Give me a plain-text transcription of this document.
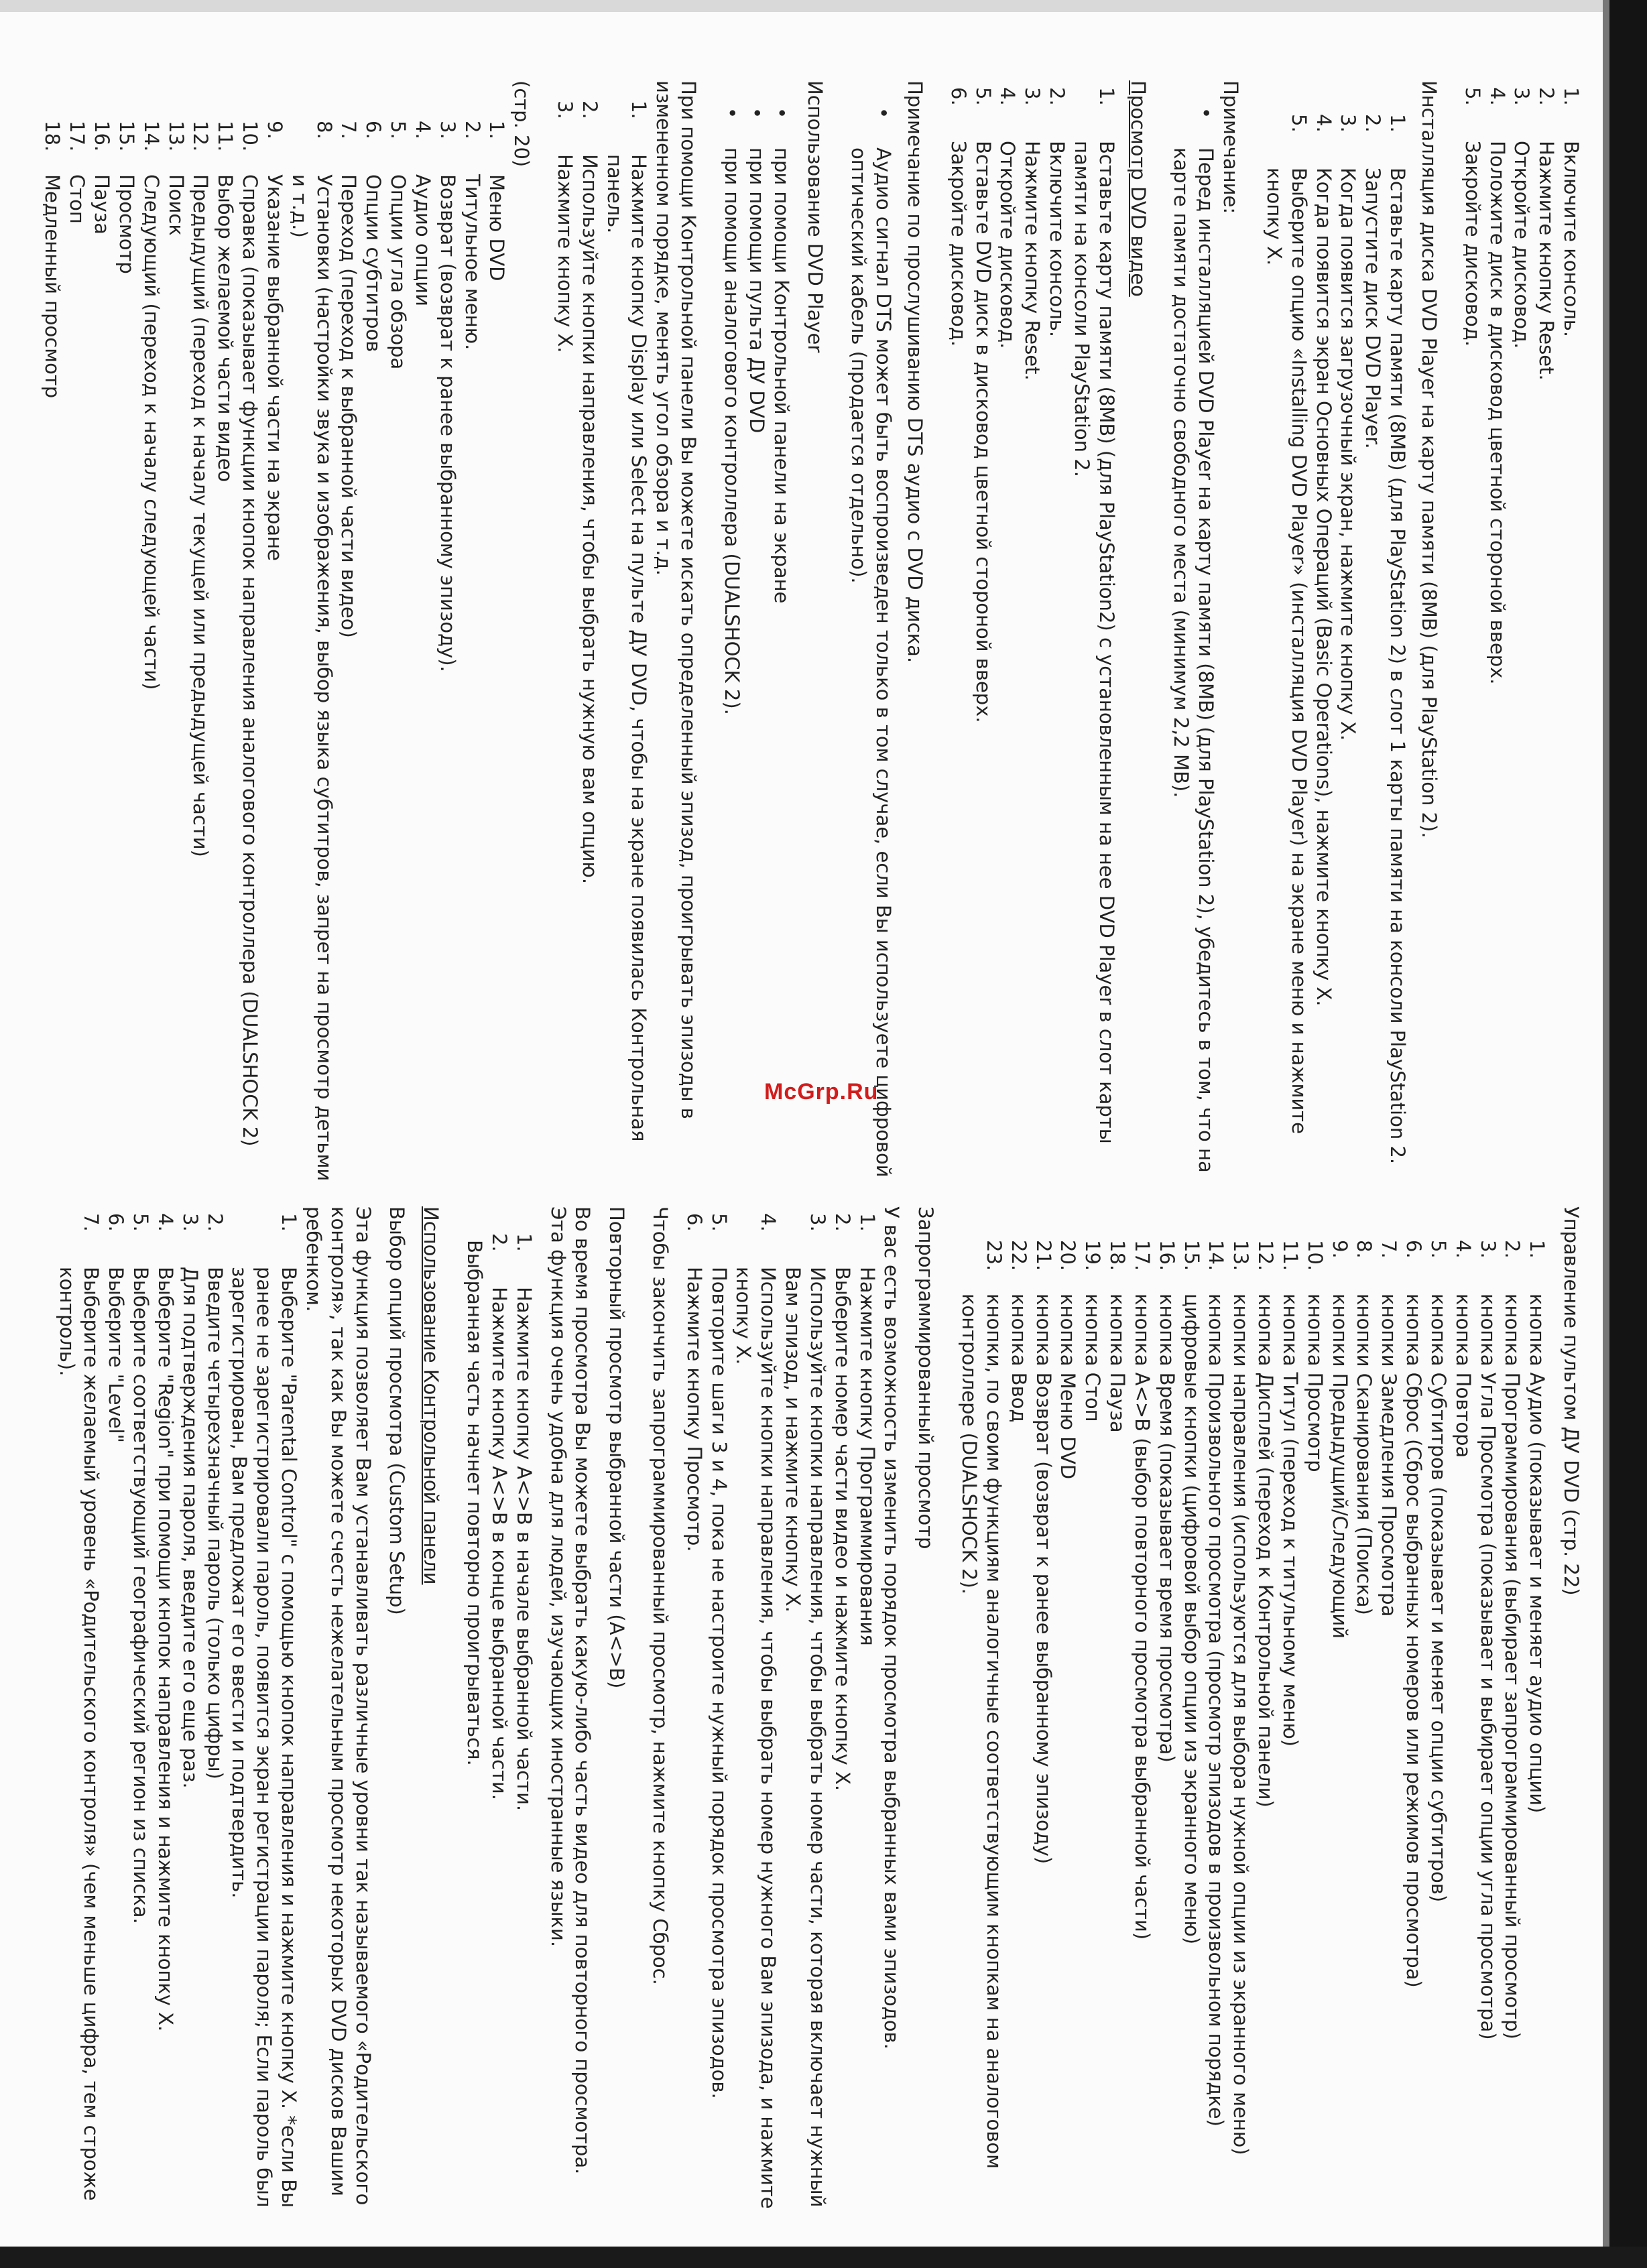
1.
Включите консоль.
2.
Нажмите кнопку Reset.
3.
Откройте дисковод.
4.
Положите диск в дисковод цветной стороной вверх.
5.
Закройте дисковод.
Инсталляция диска DVD Player на карту памяти (8МВ) (для PlayStation 2).
1.
Вставьте карту памяти (8МВ) (для PlayStation 2) в слот 1 карты памяти на консоли PlayStation 2.
2.
Запустите диск DVD Player.
3.
Когда появится загрузочный экран, нажмите кнопку X.
4.
Когда появится экран Основных Операций (Basic Operations), нажмите кнопку X.
5.
Выберите опцию «Installing DVD Player» (инсталляция DVD Player) на экране меню и нажмите кнопку X.
Примечание:
• Перед инсталляцией DVD Player на карту памяти (8МВ) (для PlayStation 2), убедитесь в том, что на карте памяти достаточно свободного места (минимум 2,2 МВ).
Просмотр DVD видео
1.
Вставьте карту памяти (8МВ) (для PlayStation2) с установленным на нее DVD Player в слот карты памяти на консоли PlayStation 2.
2.
Включите консоль.
3.
Нажмите кнопку Reset.
4.
Откройте дисковод.
5.
Вставьте DVD диск в дисковод цветной стороной вверх.
6.
Закройте дисковод.
Примечание по прослушиванию DTS аудио с DVD диска.
• Аудио сигнал DTS может быть воспроизведен только в том случае, если Вы используете цифровой оптический кабель (продается отдельно).
Использование DVD Player
• при помощи Контрольной панели на экране
• при помощи пульта ДУ DVD
• при помощи аналогового контроллера (DUALSHOCK 2).
При помощи Контрольной панели Вы можете искать определенный эпизод, проигрывать эпизоды в измененном порядке, менять угол обзора и т.д.
1.
Нажмите кнопку Display или Select на пульте ДУ DVD, чтобы на экране появилась Контрольная панель.
2.
Используйте кнопки направления, чтобы выбрать нужную вам опцию.
3.
Нажмите кнопку X.
(стр. 20)
1.
Меню DVD
2.
Титульное меню.
3.
Возврат (возврат к ранее выбранному эпизоду).
4.
Аудио опции
5.
Опции угла обзора
6.
Опции субтитров
7.
Переход (переход к выбранной части видео)
8.
Установки (настройки звука и изображения, выбор языка субтитров, запрет на просмотр детьми и т.д.)
9.
Указание выбранной части на экране
10.
Справка (показывает функции кнопок направления аналогового контроллера (DUALSHOCK 2)
11.
Выбор желаемой части видео
12.
Предыдущий (переход к началу текущей или предыдущей части)
13.
Поиск
14.
Следующий (переход к началу следующей части)
15.
Просмотр
16.
Пауза
17.
Стоп
18.
Медленный просмотр
Управление пультом ДУ DVD (стр. 22)
1.
кнопка Аудио (показывает и меняет аудио опции)
2.
кнопка Программирования (выбирает запрограммированный просмотр)
3.
кнопка Угла Просмотра (показывает и выбирает опции угла просмотра)
4.
кнопка Повтора
5.
кнопка Субтитров (показывает и меняет опции субтитров)
6.
кнопка Сброс (Сброс выбранных номеров или режимов просмотра)
7.
кнопки Замедления Просмотра
8.
кнопки Сканирования (Поиска)
9.
кнопки Предыдущий/Следующий
10.
кнопка Просмотр
11.
кнопка Титул (переход к титульному меню)
12.
кнопка Дисплей (переход к Контрольной панели)
13.
кнопки направления (используются для выбора нужной опции из экранного меню)
14.
кнопка Произвольного просмотра (просмотр эпизодов в произвольном порядке)
15.
цифровые кнопки (цифровой выбор опции из экранного меню)
16.
кнопка Время (показывает время просмотра)
17.
кнопка A<>B (выбор повторного просмотра выбранной части)
18.
кнопка Пауза
19.
кнопка Стоп
20.
кнопка Меню DVD
21.
кнопка Возврат (возврат к ранее выбранному эпизоду)
22.
кнопка Ввод
23.
кнопки, по своим функциям аналогичные соответствующим кнопкам на аналоговом контроллере (DUALSHOCK 2).
Запрограммированный просмотр
У вас есть возможность изменить порядок просмотра выбранных вами эпизодов.
1.
Нажмите кнопку Программирования
2.
Выберите номер части видео и нажмите кнопку X.
3.
Используйте кнопки направления, чтобы выбрать номер части, которая включает нужный Вам эпизод, и нажмите кнопку X.
4.
Используйте кнопки направления, чтобы выбрать номер нужного Вам эпизода, и нажмите кнопку X.
5.
Повторите шаги 3 и 4, пока не настроите нужный порядок просмотра эпизодов.
6.
Нажмите кнопку Просмотр.
Чтобы закончить запрограммированный просмотр, нажмите кнопку Сброс.
Повторный просмотр выбранной части (A<>B)
Во время просмотра Вы можете выбрать какую-либо часть видео для повторного просмотра. Эта функция очень удобна для людей, изучающих иностранные языки.
1.
Нажмите кнопку A<>B в начале выбранной части.
2.
Нажмите кнопку A<>B в конце выбранной части.
Выбранная часть начнет повторно проигрываться.
Использование Контрольной панели
Выбор опций просмотра (Custom Setup)
Эта функция позволяет Вам устанавливать различные уровни так называемого «Родительского контроля», так как Вы можете счесть нежелательным просмотр некоторых DVD дисков Вашим ребенком.
1.
Выберите "Parental Control" с помощью кнопок направления и нажмите кнопку X. *если Вы ранее не зарегистрировали пароль, появится экран регистрации пароля; Если пароль был зарегистрирован, Вам предложат его ввести и подтвердить.
2.
Введите четырехзначный пароль (только цифры)
3.
Для подтверждения пароля, введите его еще раз.
4.
Выберите "Region" при помощи кнопок направления и нажмите кнопку X.
5.
Выберите соответствующий географический регион из списка.
6.
Выберите "Level"
7.
Выберите желаемый уровень «Родительского контроля» (чем меньше цифра, тем строже контроль).
McGrp.Ru
